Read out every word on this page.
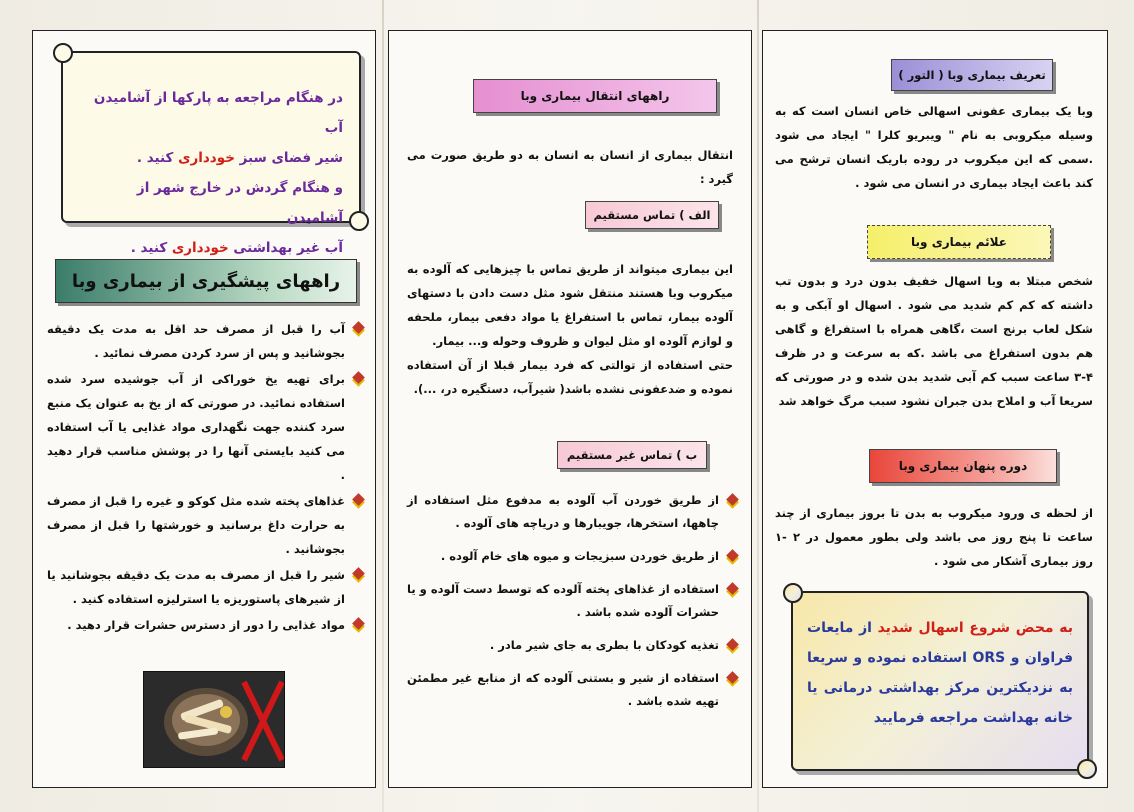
در هنگام مراجعه به پارکها از آشامیدن آب
شیر فضای سبز خودداری کنید .
و هنگام گردش در خارج شهر از آشامیدن
آب غیر بهداشتی خودداری کنید .
راههای پیشگیری از بیماری وبا
آب را قبل از مصرف حد اقل به مدت یک دقیقه بجوشانید و پس از سرد کردن مصرف نمائید .
برای تهیه یخ خوراکی از آب جوشیده سرد شده استفاده نمائید. در صورتی که از یخ به عنوان یک منبع سرد کننده جهت نگهداری مواد غذایی یا آب استفاده می کنید بایستی آنها را در پوشش مناسب قرار دهید .
غذاهای پخته شده مثل کوکو و غیره را قبل از مصرف به حرارت داغ برسانید و خورشتها را قبل از مصرف بجوشانید .
شیر را قبل از مصرف به مدت یک دقیقه بجوشانید یا از شیرهای پاستوریزه یا استرلیزه استفاده کنید .
مواد غذایی را دور از دسترس حشرات قرار دهید .
راههای انتقال بیماری وبا
انتقال بیماری از انسان به انسان به دو طریق صورت می گیرد :
الف ) تماس مستقیم
این بیماری میتواند از طریق تماس با چیزهایی که آلوده به میکروب وبا هستند منتقل شود مثل دست دادن با دستهای آلوده بیمار، تماس با استفراغ یا مواد دفعی بیمار، ملحفه و لوازم آلوده او مثل لیوان و ظروف وحوله و... بیمار.
حتی استفاده از توالتی که فرد بیمار قبلا از آن استفاده نموده و ضدعفونی نشده باشد( شیرآب، دستگیره در، ...).
ب ) تماس غیر مستقیم
از طریق خوردن آب آلوده به مدفوع مثل استفاده از چاهها، استخرها، جویبارها و دریاچه های آلوده .
از طریق خوردن سبزیجات و میوه های خام آلوده .
استفاده از غذاهای پخته آلوده که توسط دست آلوده و یا حشرات آلوده شده باشد .
تغذیه کودکان با بطری به جای شیر مادر .
استفاده از شیر و بستنی آلوده که از منابع غیر مطمئن تهیه شده باشد .
تعریف بیماری وبا ( التور )
وبا یک بیماری عفونی اسهالی خاص انسان است که به وسیله میکروبی به نام " ویبریو کلرا " ایجاد می شود .سمی که این میکروب در روده باریک انسان ترشح می کند باعث ایجاد بیماری در انسان می شود .
علائم بیماری وبا
شخص مبتلا به وبا اسهال خفیف بدون درد و بدون تب داشته که کم کم شدید می شود . اسهال او آبکی و به شکل لعاب برنج است ،گاهی همراه با استفراغ و گاهی هم بدون استفراغ می باشد .که به سرعت و در ظرف ۴-۳ ساعت سبب کم آبی شدید بدن شده و در صورتی که سریعا آب و املاح بدن جبران نشود سبب مرگ خواهد شد
دوره پنهان بیماری وبا
از لحظه ی ورود میکروب به بدن تا بروز بیماری از چند ساعت تا پنج روز می باشد ولی بطور معمول در ۲ -۱ روز بیماری آشکار می شود .
به محض شروع اسهال شدید از مایعات فراوان و ORS استفاده نموده و سریعا به نزدیکترین مرکز بهداشتی درمانی یا خانه بهداشت مراجعه فرمایید
